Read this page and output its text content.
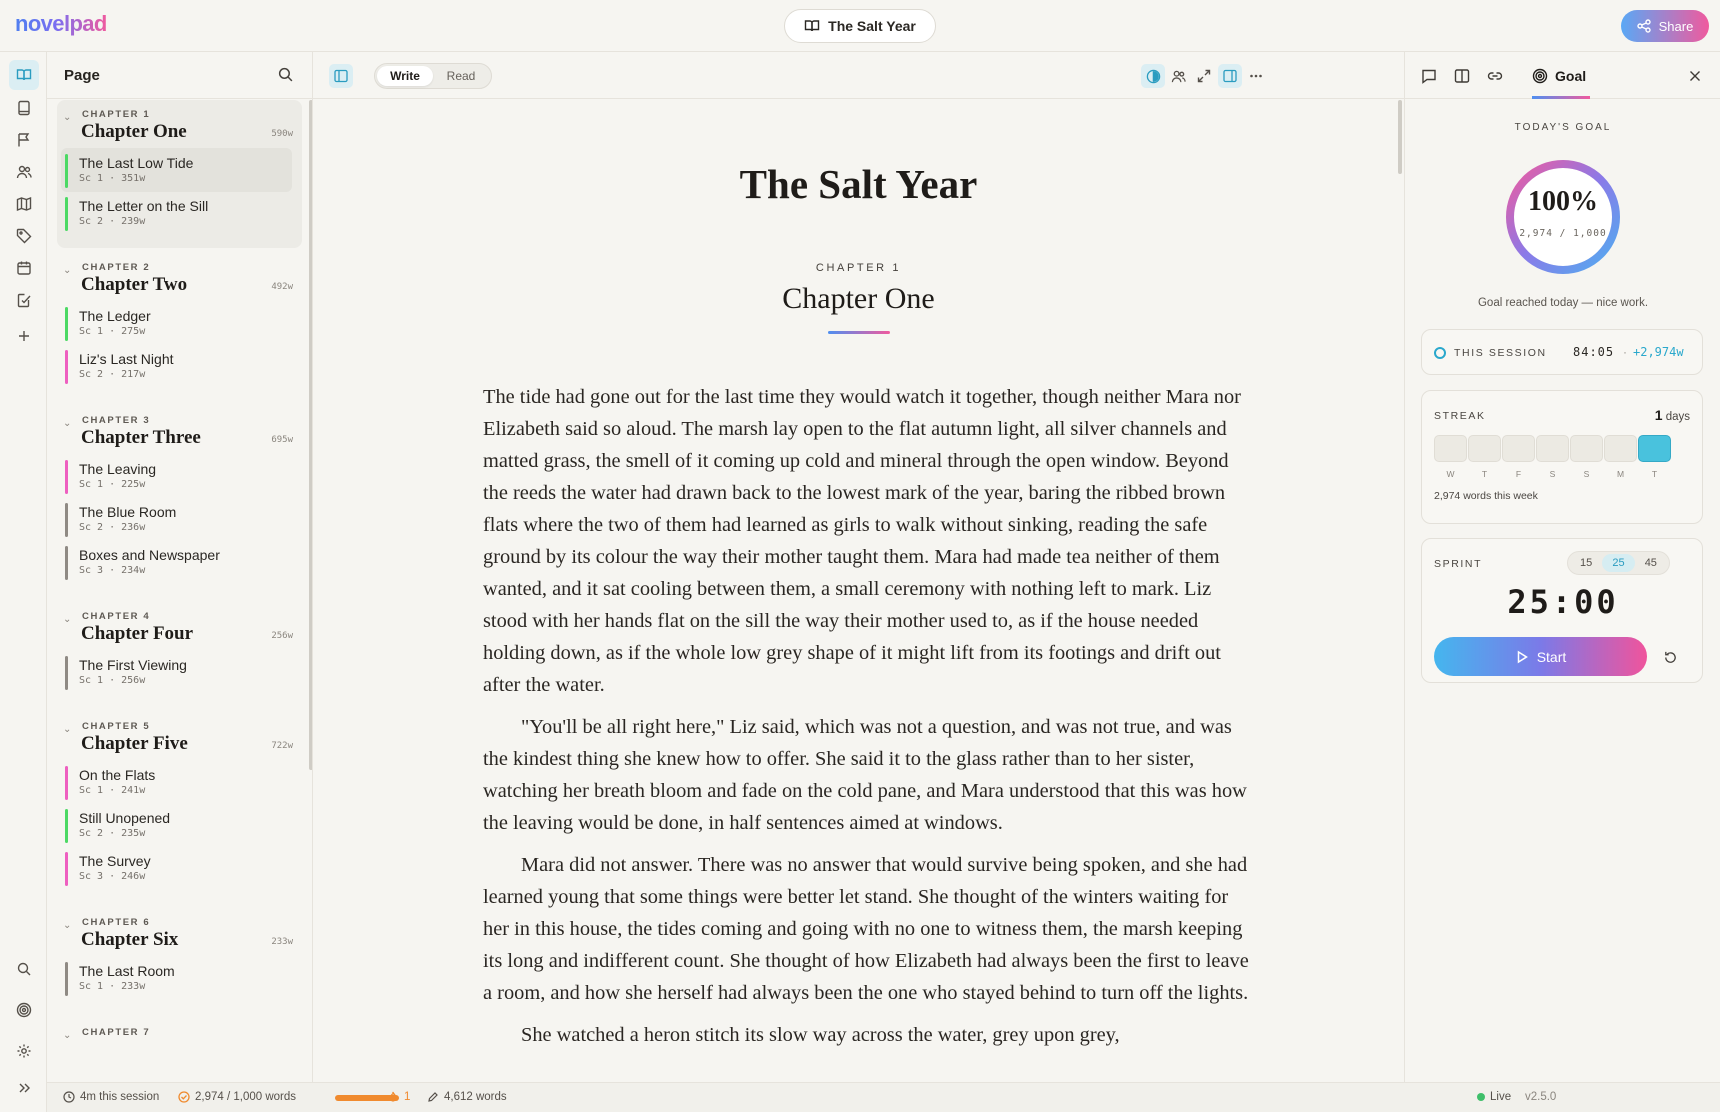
novelpad	The Salt Year	Share
Page
⌄ CHAPTER 1
Chapter One	590w
The Last Low Tide
Sc 1 · 351w
The Letter on the Sill
Sc 2 · 239w
⌄ CHAPTER 2
Chapter Two	492w
The Ledger
Sc 1 · 275w
Liz's Last Night
Sc 2 · 217w
⌄ CHAPTER 3
Chapter Three	695w
The Leaving
Sc 1 · 225w
The Blue Room
Sc 2 · 236w
Boxes and Newspaper
Sc 3 · 234w
⌄ CHAPTER 4
Chapter Four	256w
The First Viewing
Sc 1 · 256w
⌄ CHAPTER 5
Chapter Five	722w
On the Flats
Sc 1 · 241w
Still Unopened
Sc 2 · 235w
The Survey
Sc 3 · 246w
⌄ CHAPTER 6
Chapter Six	233w
The Last Room
Sc 1 · 233w
⌄ CHAPTER 7
Write	Read
The Salt Year
CHAPTER 1
Chapter One

The tide had gone out for the last time they would watch it together, though neither Mara nor Elizabeth said so aloud. The marsh lay open to the flat autumn light, all silver channels and matted grass, the smell of it coming up cold and mineral through the open window. Beyond the reeds the water had drawn back to the lowest mark of the year, baring the ribbed brown flats where the two of them had learned as girls to walk without sinking, reading the safe ground by its colour the way their mother taught them. Mara had made tea neither of them wanted, and it sat cooling between them, a small ceremony with nothing left to mark. Liz stood with her hands flat on the sill the way their mother used to, as if the house needed holding down, as if the whole low grey shape of it might lift from its footings and drift out after the water.

"You'll be all right here," Liz said, which was not a question, and was not true, and was the kindest thing she knew how to offer. She said it to the glass rather than to her sister, watching her breath bloom and fade on the cold pane, and Mara understood that this was how the leaving would be done, in half sentences aimed at windows.

Mara did not answer. There was no answer that would survive being spoken, and she had learned young that some things were better let stand. She thought of the winters waiting for her in this house, the tides coming and going with no one to witness them, the marsh keeping its long and indifferent count. She thought of how Elizabeth had always been the first to leave a room, and how she herself had always been the one who stayed behind to turn off the lights.

She watched a heron stitch its slow way across the water, grey upon grey,

Goal
TODAY'S GOAL
100%
2,974 / 1,000
Goal reached today — nice work.
THIS SESSION 84:05 · +2,974w
STREAK	1 days
W	T	F	S	S	M	T
2,974 words this week
SPRINT	15	25	45
25:00
Start
4m this session	2,974 / 1,000 words	1	4,612 words	Live v2.5.0
